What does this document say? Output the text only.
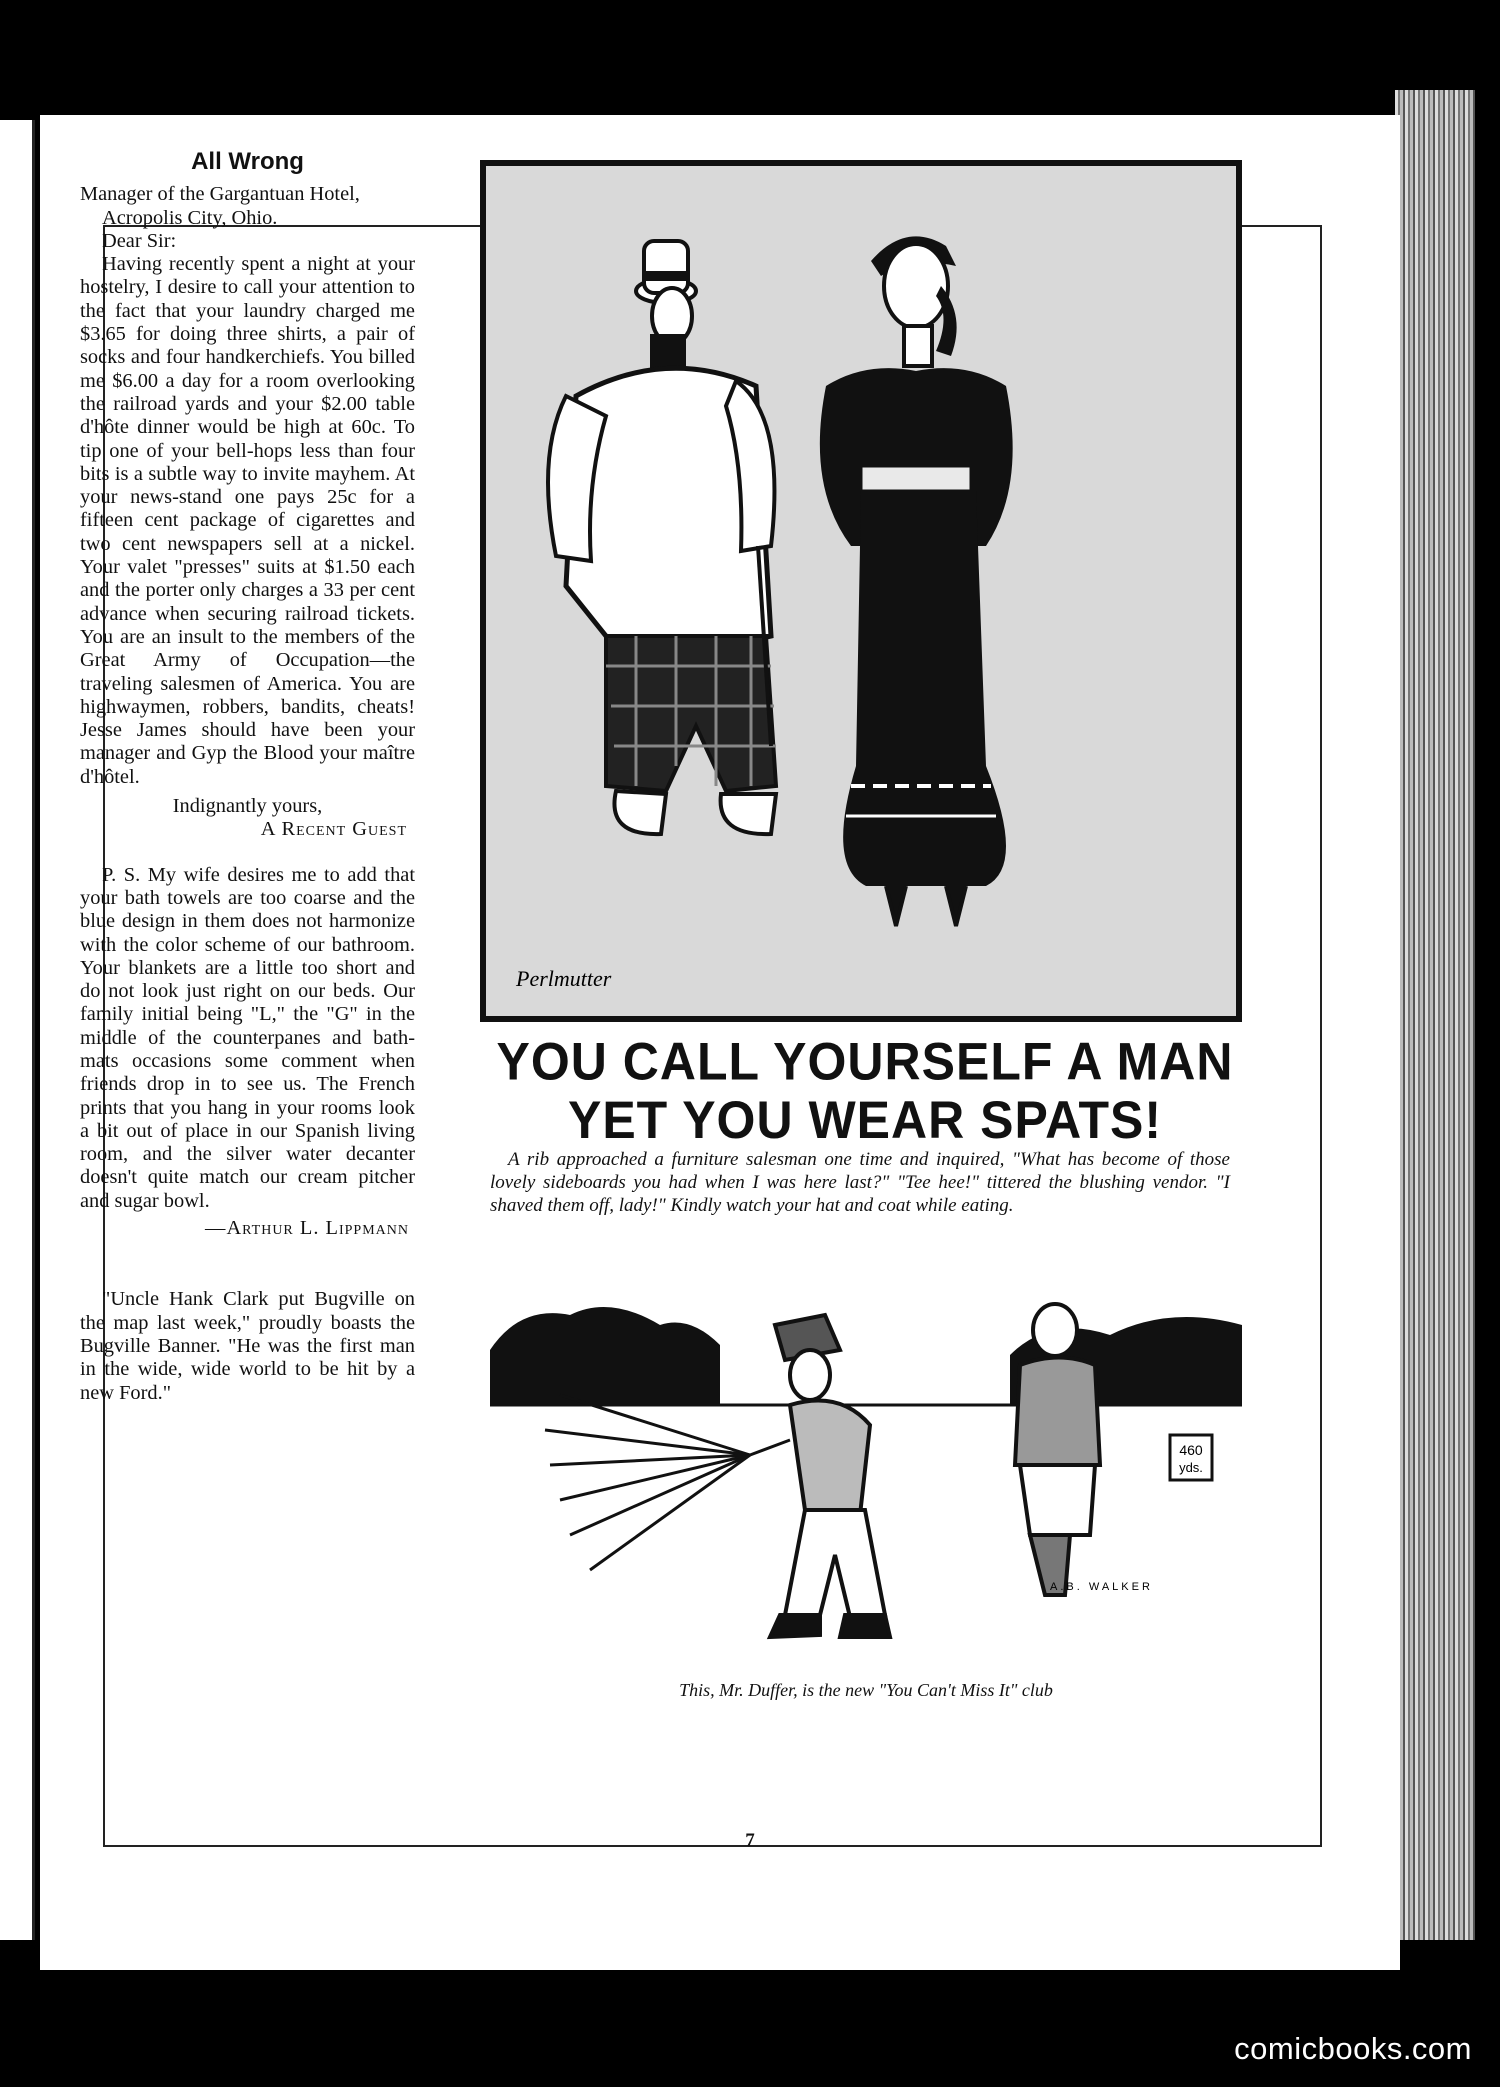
All Wrong

Manager of the Gargantuan Hotel,

Acropolis City, Ohio.

Dear Sir:

Having recently spent a night at your hostelry, I desire to call your attention to the fact that your laundry charged me $3.65 for doing three shirts, a pair of socks and four handkerchiefs. You billed me $6.00 a day for a room overlooking the railroad yards and your $2.00 table d'hôte dinner would be high at 60c. To tip one of your bell-hops less than four bits is a subtle way to invite mayhem. At your news-stand one pays 25c for a fifteen cent package of cigarettes and two cent newspapers sell at a nickel. Your valet "presses" suits at $1.50 each and the porter only charges a 33 per cent advance when securing railroad tickets. You are an insult to the members of the Great Army of Occupation—the traveling salesmen of America. You are highwaymen, robbers, bandits, cheats! Jesse James should have been your manager and Gyp the Blood your maître d'hôtel.

Indignantly yours,

A Recent Guest

P. S. My wife desires me to add that your bath towels are too coarse and the blue design in them does not harmonize with the color scheme of our bathroom. Your blankets are a little too short and do not look just right on our beds. Our family initial being "L," the "G" in the middle of the counterpanes and bath-mats occasions some comment when friends drop in to see us. The French prints that you hang in your rooms look a bit out of place in our Spanish living room, and the silver water decanter doesn't quite match our cream pitcher and sugar bowl.

—Arthur L. Lippmann

"Uncle Hank Clark put Bugville on the map last week," proudly boasts the Bugville Banner. "He was the first man in the wide, wide world to be hit by a new Ford."

Perlmutter
YOU CALL YOURSELF A MAN
YET YOU WEAR SPATS!

A rib approached a furniture salesman one time and inquired, "What has become of those lovely sideboards you had when I was here last?" "Tee hee!" tittered the blushing vendor. "I shaved them off, lady!" Kindly watch your hat and coat while eating.

460
yds.
A.B. WALKER
This, Mr. Duffer, is the new "You Can't Miss It" club
7
comicbooks.com
